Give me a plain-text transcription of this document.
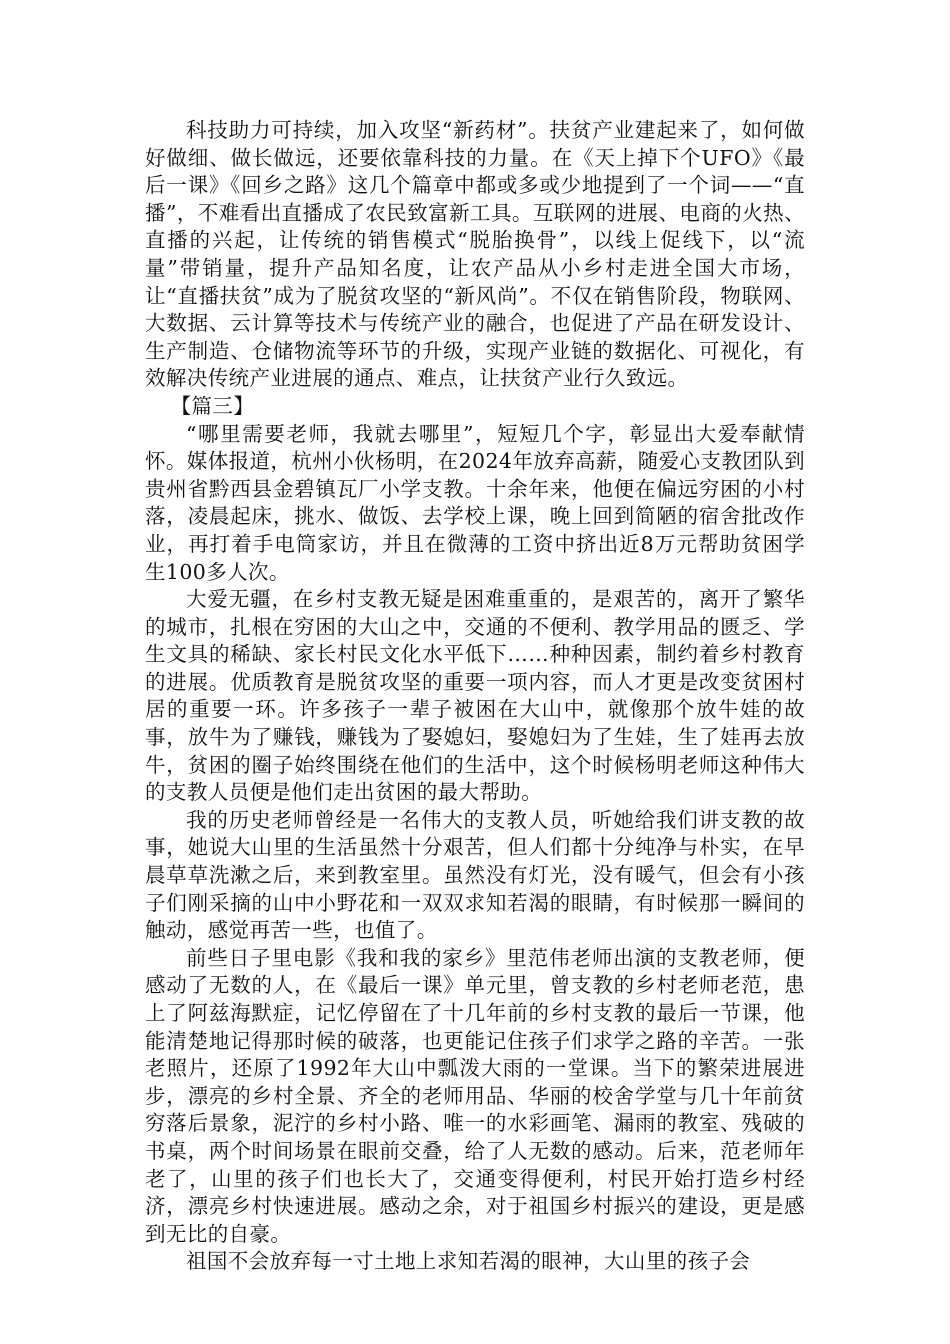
科技助力可持续，加入攻坚“新药材”。扶贫产业建起来了，如何做好做细、做长做远，还要依靠科技的力量。在《天上掉下个UFO》《最后一课》《回乡之路》这几个篇章中都或多或少地提到了一个词——“直播”，不难看出直播成了农民致富新工具。互联网的进展、电商的火热、直播的兴起，让传统的销售模式“脱胎换骨”，以线上促线下，以“流量”带销量，提升产品知名度，让农产品从小乡村走进全国大市场，让“直播扶贫”成为了脱贫攻坚的“新风尚”。不仅在销售阶段，物联网、大数据、云计算等技术与传统产业的融合，也促进了产品在研发设计、生产制造、仓储物流等环节的升级，实现产业链的数据化、可视化，有效解决传统产业进展的通点、难点，让扶贫产业行久致远。

【篇三】

“哪里需要老师，我就去哪里”，短短几个字，彰显出大爱奉献情怀。媒体报道，杭州小伙杨明，在2024年放弃高薪，随爱心支教团队到贵州省黔西县金碧镇瓦厂小学支教。十余年来，他便在偏远穷困的小村落，凌晨起床，挑水、做饭、去学校上课，晚上回到简陋的宿舍批改作业，再打着手电筒家访，并且在微薄的工资中挤出近8万元帮助贫困学生100多人次。

大爱无疆，在乡村支教无疑是困难重重的，是艰苦的，离开了繁华的城市，扎根在穷困的大山之中，交通的不便利、教学用品的匮乏、学生文具的稀缺、家长村民文化水平低下……种种因素，制约着乡村教育的进展。优质教育是脱贫攻坚的重要一项内容，而人才更是改变贫困村居的重要一环。许多孩子一辈子被困在大山中，就像那个放牛娃的故事，放牛为了赚钱，赚钱为了娶媳妇，娶媳妇为了生娃，生了娃再去放牛，贫困的圈子始终围绕在他们的生活中，这个时候杨明老师这种伟大的支教人员便是他们走出贫困的最大帮助。

我的历史老师曾经是一名伟大的支教人员，听她给我们讲支教的故事，她说大山里的生活虽然十分艰苦，但人们都十分纯净与朴实，在早晨草草洗漱之后，来到教室里。虽然没有灯光，没有暖气，但会有小孩子们刚采摘的山中小野花和一双双求知若渴的眼睛，有时候那一瞬间的触动，感觉再苦一些，也值了。

前些日子里电影《我和我的家乡》里范伟老师出演的支教老师，便感动了无数的人，在《最后一课》单元里，曾支教的乡村老师老范，患上了阿兹海默症，记忆停留在了十几年前的乡村支教的最后一节课，他能清楚地记得那时候的破落，也更能记住孩子们求学之路的辛苦。一张老照片，还原了1992年大山中瓢泼大雨的一堂课。当下的繁荣进展进步，漂亮的乡村全景、齐全的老师用品、华丽的校舍学堂与几十年前贫穷落后景象，泥泞的乡村小路、唯一的水彩画笔、漏雨的教室、残破的书桌，两个时间场景在眼前交叠，给了人无数的感动。后来，范老师年老了，山里的孩子们也长大了，交通变得便利，村民开始打造乡村经济，漂亮乡村快速进展。感动之余，对于祖国乡村振兴的建设，更是感到无比的自豪。

祖国不会放弃每一寸土地上求知若渴的眼神，大山里的孩子会
